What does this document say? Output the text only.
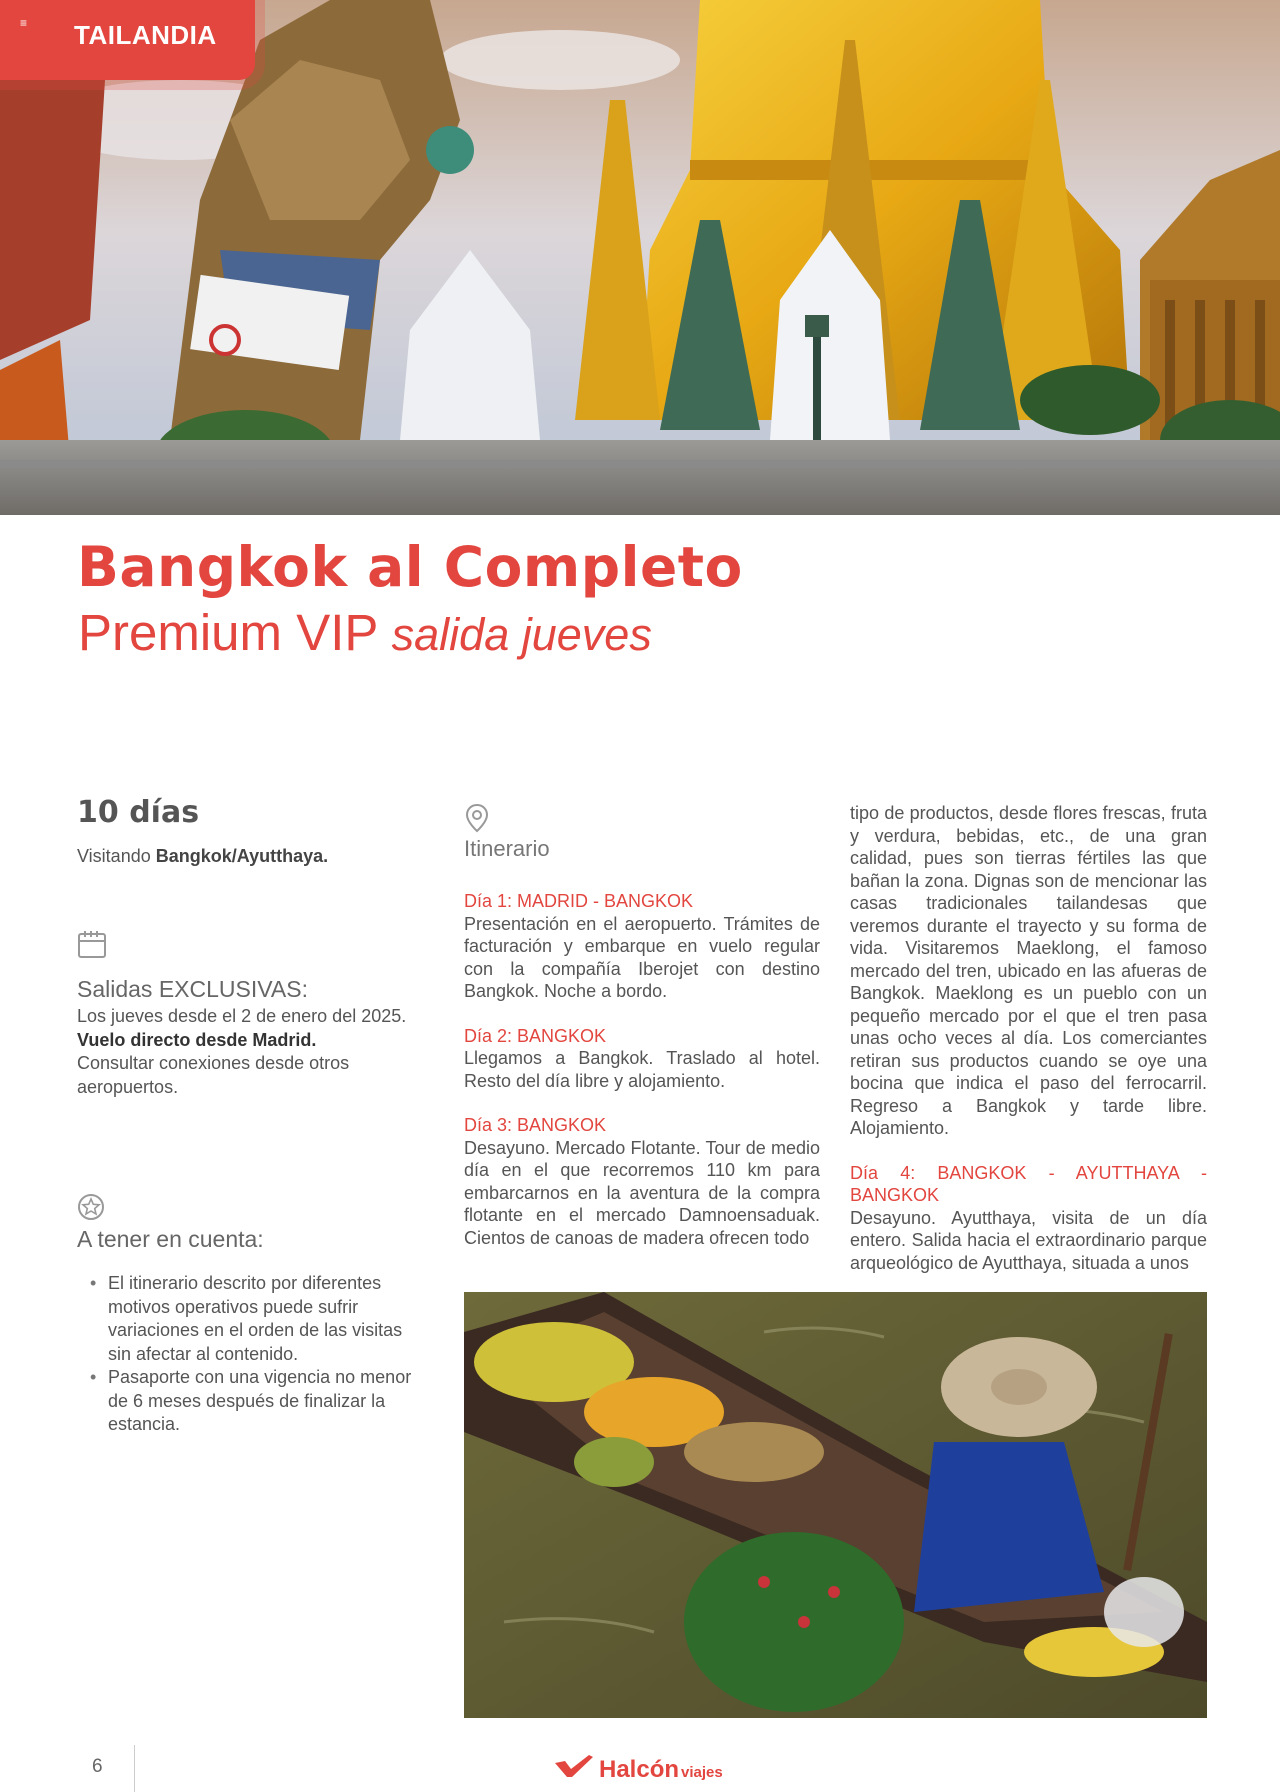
≡ TAILANDIA
Bangkok al Completo
Premium VIP salida jueves
10 días
Visitando Bangkok/Ayutthaya.
Salidas EXCLUSIVAS:
Los jueves desde el 2 de enero del 2025.
Vuelo directo desde Madrid.
Consultar conexiones desde otros aeropuertos.
A tener en cuenta:
• El itinerario descrito por diferentes motivos operativos puede sufrir variaciones en el orden de las visitas sin afectar al contenido.
• Pasaporte con una vigencia no menor de 6 meses después de finalizar la estancia.
Itinerario
Día 1: MADRID - BANGKOK
Presentación en el aeropuerto. Trámites de facturación y embarque en vuelo regular con la compañía Iberojet con destino Bangkok. Noche a bordo.
Día 2: BANGKOK
Llegamos a Bangkok. Traslado al hotel. Resto del día libre y alojamiento.
Día 3: BANGKOK
Desayuno. Mercado Flotante. Tour de medio día en el que recorremos 110 km para embarcarnos en la aventura de la compra flotante en el mercado Damnoensaduak. Cientos de canoas de madera ofrecen todo
tipo de productos, desde flores frescas, fruta y verdura, bebidas, etc., de una gran calidad, pues son tierras fértiles las que bañan la zona. Dignas son de mencionar las casas tradicionales tailandesas que veremos durante el trayecto y su forma de vida. Visitaremos Maeklong, el famoso mercado del tren, ubicado en las afueras de Bangkok. Maeklong es un pueblo con un pequeño mercado por el que el tren pasa unas ocho veces al día. Los comerciantes retiran sus productos cuando se oye una bocina que indica el paso del ferrocarril. Regreso a Bangkok y tarde libre. Alojamiento.
Día 4: BANGKOK - AYUTTHAYA -
BANGKOK
Desayuno. Ayutthaya, visita de un día entero. Salida hacia el extraordinario parque arqueológico de Ayutthaya, situada a unos
6	Halcón viajes
